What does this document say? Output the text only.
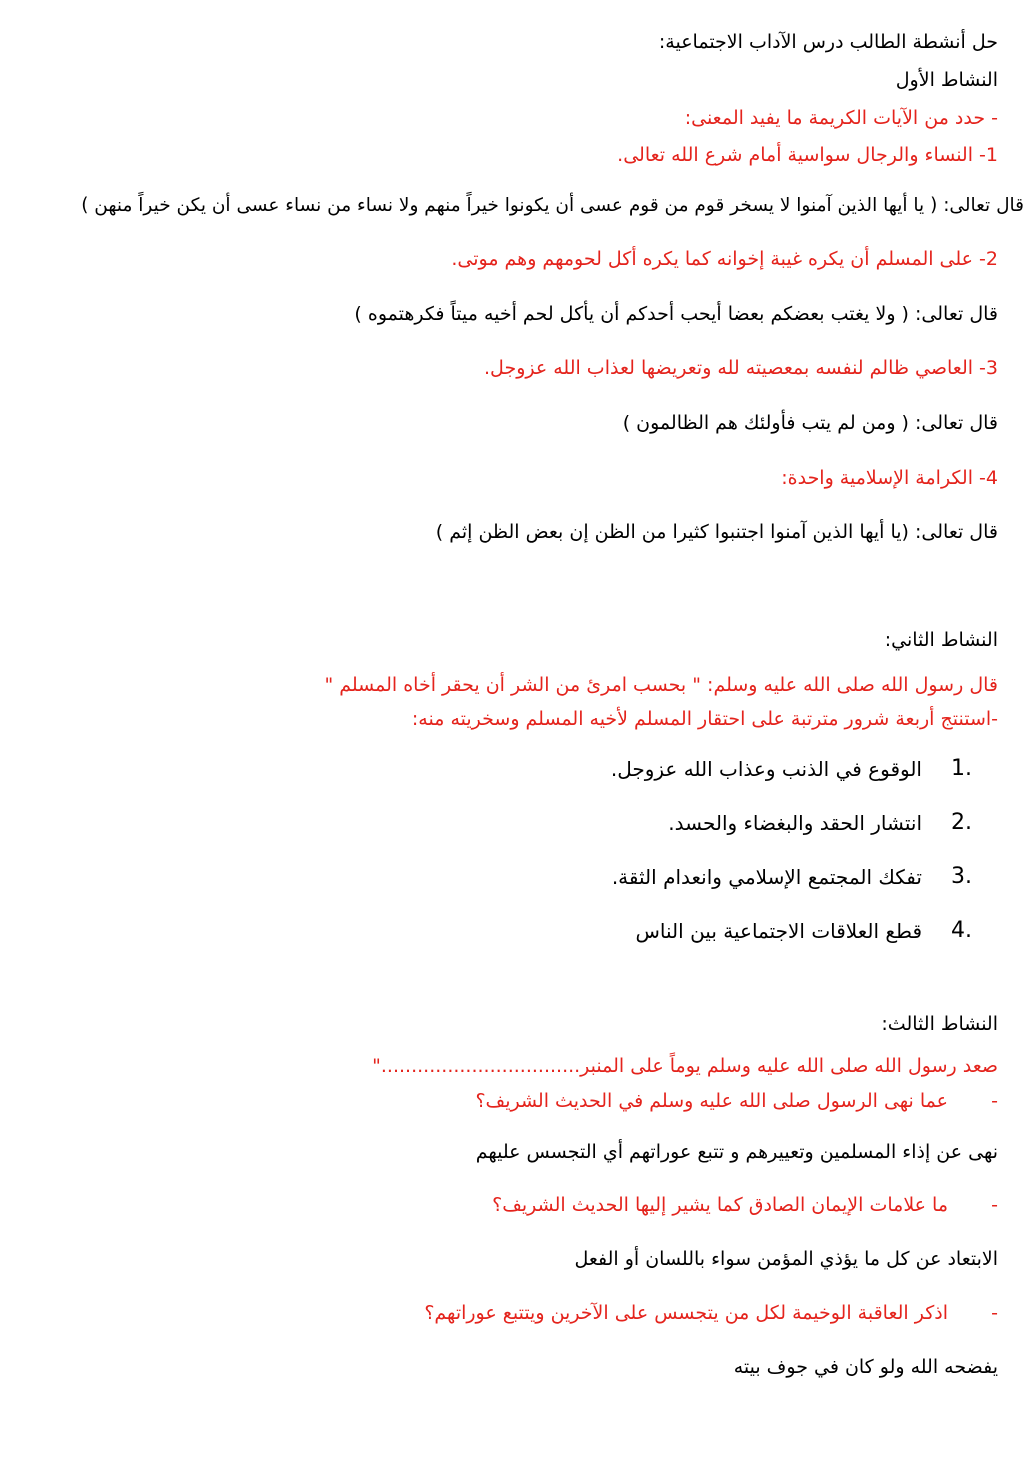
حل أنشطة الطالب درس الآداب الاجتماعية:
النشاط الأول
- حدد من الآيات الكريمة ما يفيد المعنى:
1- النساء والرجال سواسية أمام شرع الله تعالى.
قال تعالى: ( يا أيها الذين آمنوا لا يسخر قوم من قوم عسى أن يكونوا خيراً منهم ولا نساء من نساء عسى أن يكن خيراً منهن )
2- على المسلم أن يكره غيبة إخوانه كما يكره أكل لحومهم وهم موتى.
قال تعالى: ( ولا يغتب بعضكم بعضا أيحب أحدكم أن يأكل لحم أخيه ميتاً فكرهتموه )
3- العاصي ظالم لنفسه بمعصيته لله وتعريضها لعذاب الله عزوجل.
قال تعالى: ( ومن لم يتب فأولئك هم الظالمون )
4- الكرامة الإسلامية واحدة:
قال تعالى: (يا أيها الذين آمنوا اجتنبوا كثيرا من الظن إن بعض الظن إثم )
النشاط الثاني:
قال رسول الله صلى الله عليه وسلم: " بحسب امرئ من الشر أن يحقر أخاه المسلم "
-استنتج أربعة شرور مترتبة على احتقار المسلم لأخيه المسلم وسخريته منه:
1.
الوقوع في الذنب وعذاب الله عزوجل.
2.
انتشار الحقد والبغضاء والحسد.
3.
تفكك المجتمع الإسلامي وانعدام الثقة.
4.
قطع العلاقات الاجتماعية بين الناس
النشاط الثالث:
صعد رسول الله صلى الله عليه وسلم يوماً على المنبر................................."
-
عما نهى الرسول صلى الله عليه وسلم في الحديث الشريف؟
نهى عن إذاء المسلمين وتعييرهم و تتبع عوراتهم أي التجسس عليهم
-
ما علامات الإيمان الصادق كما يشير إليها الحديث الشريف؟
الابتعاد عن كل ما يؤذي المؤمن سواء باللسان أو الفعل
-
اذكر العاقبة الوخيمة لكل من يتجسس على الآخرين ويتتبع عوراتهم؟
يفضحه الله ولو كان في جوف بيته
